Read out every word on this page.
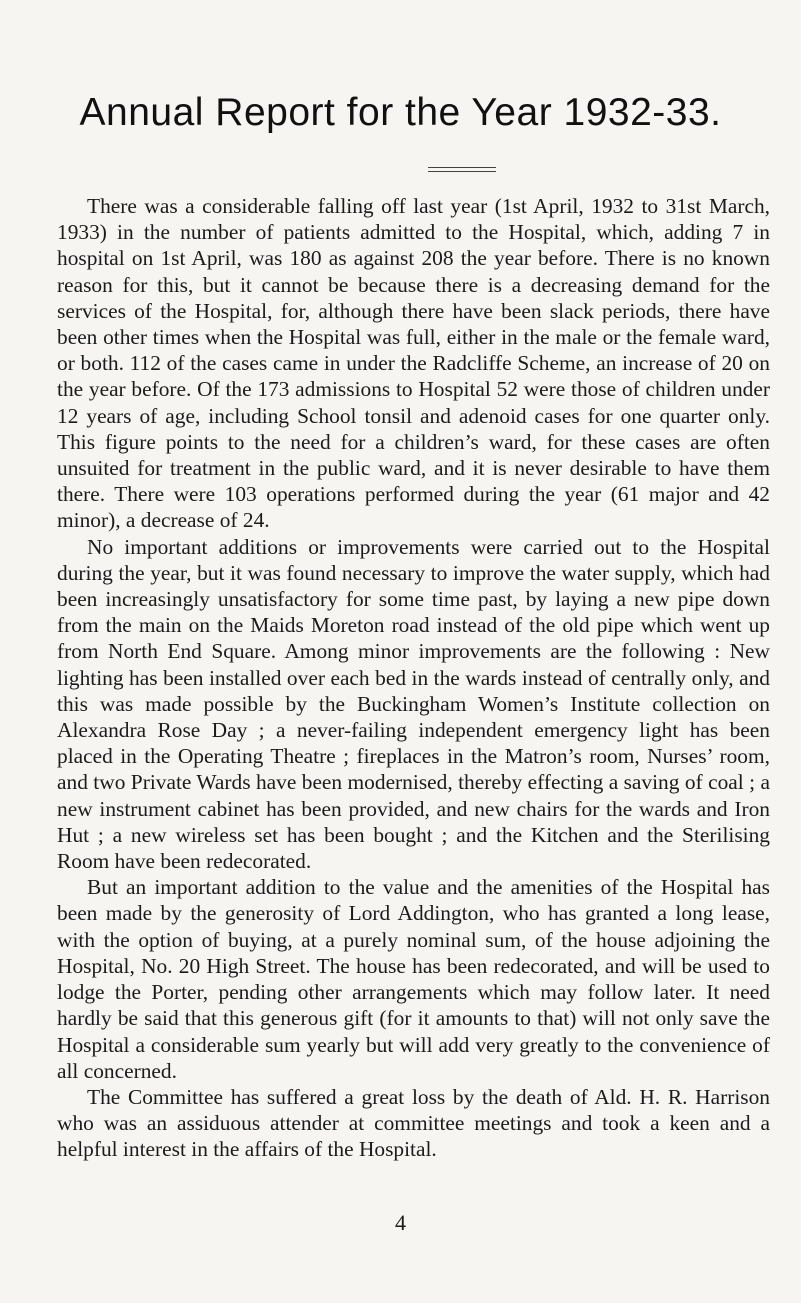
Annual Report for the Year 1932-33.

There was a considerable falling off last year (1st April, 1932 to 31st March, 1933) in the number of patients admitted to the Hospital, which, adding 7 in hospital on 1st April, was 180 as against 208 the year before. There is no known reason for this, but it cannot be because there is a decreasing demand for the services of the Hospital, for, although there have been slack periods, there have been other times when the Hospital was full, either in the male or the female ward, or both. 112 of the cases came in under the Radcliffe Scheme, an increase of 20 on the year before. Of the 173 admissions to Hospital 52 were those of children under 12 years of age, including School tonsil and adenoid cases for one quarter only. This figure points to the need for a children’s ward, for these cases are often unsuited for treatment in the public ward, and it is never desirable to have them there. There were 103 operations performed during the year (61 major and 42 minor), a decrease of 24.

No important additions or improvements were carried out to the Hospital during the year, but it was found necessary to improve the water supply, which had been increasingly unsatisfactory for some time past, by laying a new pipe down from the main on the Maids Moreton road instead of the old pipe which went up from North End Square. Among minor improvements are the following : New lighting has been installed over each bed in the wards instead of centrally only, and this was made possible by the Buckingham Women’s Institute collection on Alexandra Rose Day ; a never-failing independent emergency light has been placed in the Operating Theatre ; fireplaces in the Matron’s room, Nurses’ room, and two Private Wards have been modernised, thereby effecting a saving of coal ; a new instrument cabinet has been provided, and new chairs for the wards and Iron Hut ; a new wireless set has been bought ; and the Kitchen and the Sterilising Room have been redecorated.

But an important addition to the value and the amenities of the Hospital has been made by the generosity of Lord Addington, who has granted a long lease, with the option of buying, at a purely nominal sum, of the house adjoining the Hospital, No. 20 High Street. The house has been redecorated, and will be used to lodge the Porter, pending other arrangements which may follow later. It need hardly be said that this generous gift (for it amounts to that) will not only save the Hospital a considerable sum yearly but will add very greatly to the convenience of all concerned.

The Committee has suffered a great loss by the death of Ald. H. R. Harrison who was an assiduous attender at committee meetings and took a keen and a helpful interest in the affairs of the Hospital.

4
